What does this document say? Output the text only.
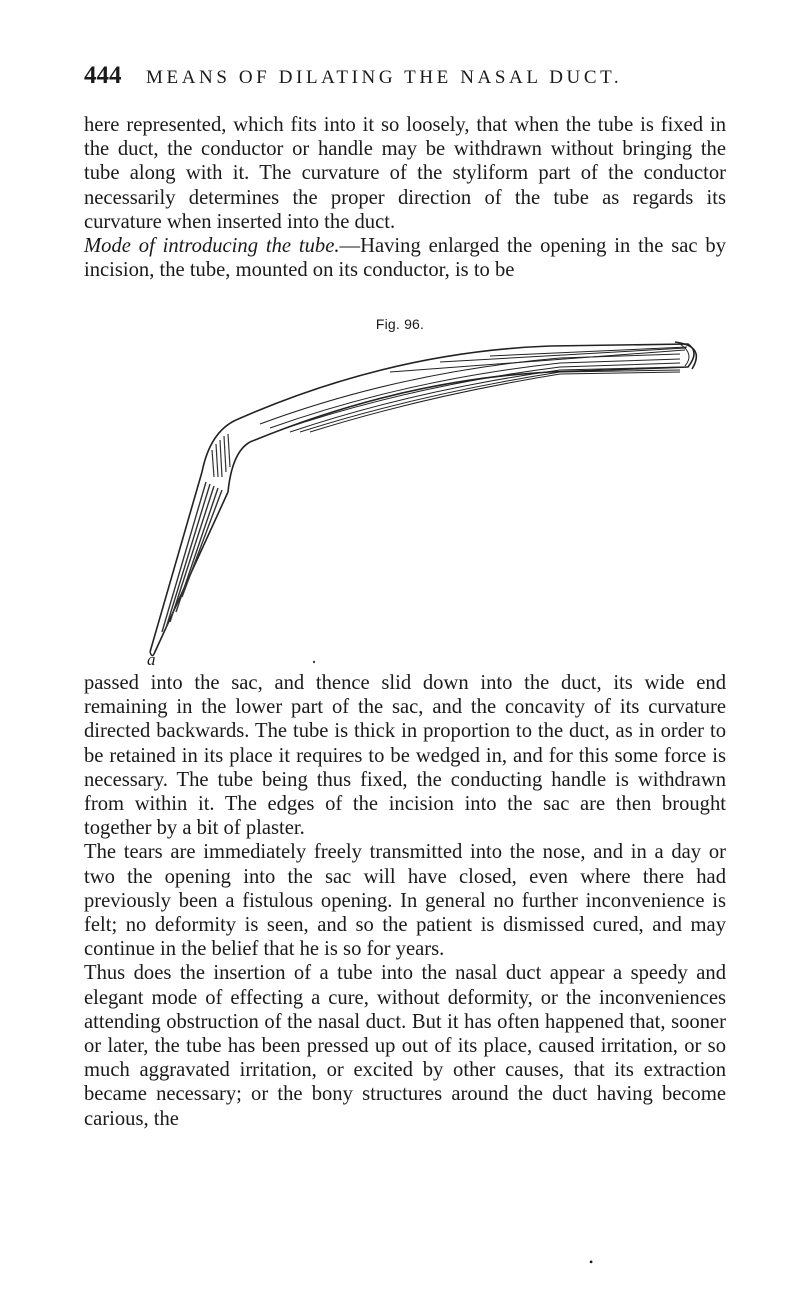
444	MEANS OF DILATING THE NASAL DUCT.

here represented, which fits into it so loosely, that when the tube is fixed in the duct, the conductor or handle may be withdrawn without bringing the tube along with it. The curvature of the styliform part of the conductor necessarily determines the proper direction of the tube as regards its curvature when inserted into the duct.

Mode of introducing the tube.—Having enlarged the opening in the sac by incision, the tube, mounted on its conductor, is to be

Fig. 96.
a

passed into the sac, and thence slid down into the duct, its wide end remaining in the lower part of the sac, and the concavity of its curvature directed backwards. The tube is thick in proportion to the duct, as in order to be retained in its place it requires to be wedged in, and for this some force is necessary. The tube being thus fixed, the conducting handle is withdrawn from within it. The edges of the incision into the sac are then brought together by a bit of plaster.

The tears are immediately freely transmitted into the nose, and in a day or two the opening into the sac will have closed, even where there had previously been a fistulous opening. In general no further inconvenience is felt; no deformity is seen, and so the patient is dismissed cured, and may continue in the belief that he is so for years.

Thus does the insertion of a tube into the nasal duct appear a speedy and elegant mode of effecting a cure, without deformity, or the inconveniences attending obstruction of the nasal duct. But it has often happened that, sooner or later, the tube has been pressed up out of its place, caused irritation, or so much aggravated irritation, or excited by other causes, that its extraction became necessary; or the bony structures around the duct having become carious, the

•
